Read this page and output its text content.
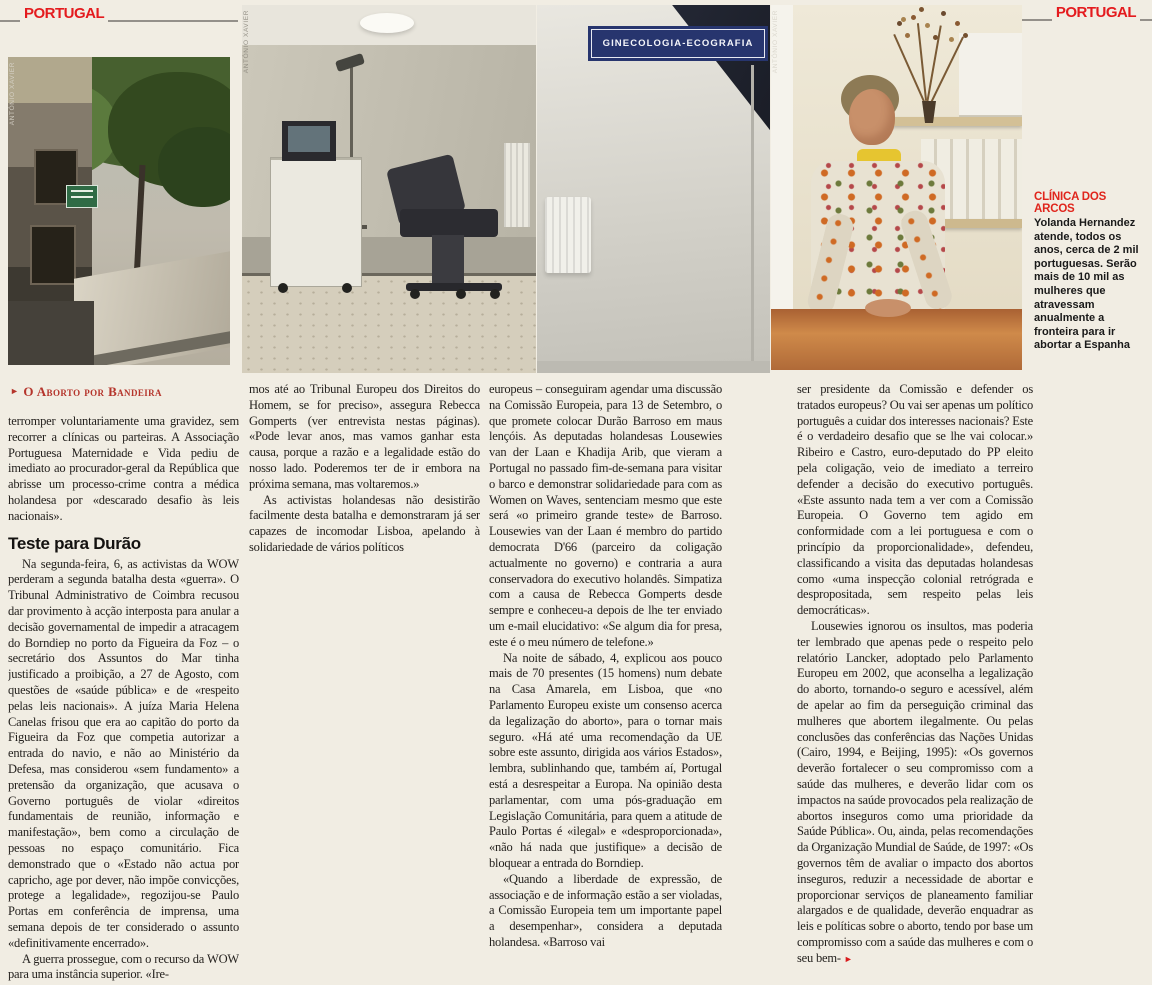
PORTUGAL	PORTUGAL
ANTÓNIO XAVIER
ANTÓNIO XAVIER	GINECOLOGIA-ECOGRAFIA	ANTÓNIO XAVIER
► O Aborto por Bandeira

terromper voluntariamente uma gravidez, sem recorrer a clínicas ou parteiras. A Associação Portuguesa Maternidade e Vida pediu de imediato ao procurador-geral da República que abrisse um processo-crime contra a médica holandesa por «descarado desafio às leis nacionais».

Teste para Durão

Na segunda-feira, 6, as activistas da WOW perderam a segunda batalha desta «guerra». O Tribunal Administrativo de Coimbra recusou dar provimento à acção interposta para anular a decisão governamental de impedir a atracagem do Borndiep no porto da Figueira da Foz – o secretário dos Assuntos do Mar tinha justificado a proibição, a 27 de Agosto, com questões de «saúde pública» e de «respeito pelas leis nacionais». A juíza Maria Helena Canelas frisou que era ao capitão do porto da Figueira da Foz que competia autorizar a entrada do navio, e não ao Ministério da Defesa, mas considerou «sem fundamento» a pretensão da organização, que acusava o Governo português de violar «direitos fundamentais de reunião, informação e manifestação», bem como a circulação de pessoas no espaço comunitário. Fica demonstrado que o «Estado não actua por capricho, age por dever, não impõe convicções, protege a legalidade», regozijou-se Paulo Portas em conferência de imprensa, uma semana depois de ter considerado o assunto «definitivamente encerrado».

A guerra prossegue, com o recurso da WOW para uma instância superior. «Ire-

mos até ao Tribunal Europeu dos Direitos do Homem, se for preciso», assegura Rebecca Gomperts (ver entrevista nestas páginas). «Pode levar anos, mas vamos ganhar esta causa, porque a razão e a legalidade estão do nosso lado. Poderemos ter de ir embora na próxima semana, mas voltaremos.»

As activistas holandesas não desistirão facilmente desta batalha e demonstraram já ser capazes de incomodar Lisboa, apelando à solidariedade de vários políticos

europeus – conseguiram agendar uma discussão na Comissão Europeia, para 13 de Setembro, o que promete colocar Durão Barroso em maus lençóis. As deputadas holandesas Lousewies van der Laan e Khadija Arib, que vieram a Portugal no passado fim-de-semana para visitar o barco e demonstrar solidariedade para com as Women on Waves, sentenciam mesmo que este será «o primeiro grande teste» de Barroso. Lousewies van der Laan é membro do partido democrata D'66 (parceiro da coligação actualmente no governo) e contraria a aura conservadora do executivo holandês. Simpatiza com a causa de Rebecca Gomperts desde sempre e conheceu-a depois de lhe ter enviado um e-mail elucidativo: «Se algum dia for presa, este é o meu número de telefone.»

Na noite de sábado, 4, explicou aos pouco mais de 70 presentes (15 homens) num debate na Casa Amarela, em Lisboa, que «no Parlamento Europeu existe um consenso acerca da legalização do aborto», para o tornar mais seguro. «Há até uma recomendação da UE sobre este assunto, dirigida aos vários Estados», lembra, sublinhando que, também aí, Portugal está a desrespeitar a Europa. Na opinião desta parlamentar, com uma pós-graduação em Legislação Comunitária, para quem a atitude de Paulo Portas é «ilegal» e «desproporcionada», «não há nada que justifique» a decisão de bloquear a entrada do Borndiep.

«Quando a liberdade de expressão, de associação e de informação estão a ser violadas, a Comissão Europeia tem um importante papel a desempenhar», considera a deputada holandesa. «Barroso vai

ser presidente da Comissão e defender os tratados europeus? Ou vai ser apenas um político português a cuidar dos interesses nacionais? Este é o verdadeiro desafio que se lhe vai colocar.» Ribeiro e Castro, euro-deputado do PP eleito pela coligação, veio de imediato a terreiro defender a decisão do executivo português. «Este assunto nada tem a ver com a Comissão Europeia. O Governo tem agido em conformidade com a lei portuguesa e com o princípio da proporcionalidade», defendeu, classificando a visita das deputadas holandesas como «uma inspecção colonial retrógrada e despropositada, sem respeito pelas leis democráticas».

Lousewies ignorou os insultos, mas poderia ter lembrado que apenas pede o respeito pelo relatório Lancker, adoptado pelo Parlamento Europeu em 2002, que aconselha a legalização do aborto, tornando-o seguro e acessível, além de apelar ao fim da perseguição criminal das mulheres que abortem ilegalmente. Ou pelas conclusões das conferências das Nações Unidas (Cairo, 1994, e Beijing, 1995): «Os governos deverão fortalecer o seu compromisso com a saúde das mulheres, e deverão lidar com os impactos na saúde provocados pela realização de abortos inseguros como uma prioridade da Saúde Pública». Ou, ainda, pelas recomendações da Organização Mundial de Saúde, de 1997: «Os governos têm de avaliar o impacto dos abortos inseguros, reduzir a necessidade de abortar e proporcionar serviços de planeamento familiar alargados e de qualidade, deverão enquadrar as leis e políticas sobre o aborto, tendo por base um compromisso com a saúde das mulheres e com o seu bem- ►

CLÍNICA DOS ARCOS
Yolanda Hernandez atende, todos os anos, cerca de 2 mil portuguesas. Serão mais de 10 mil as mulheres que atravessam anualmente a fronteira para ir abortar a Espanha
